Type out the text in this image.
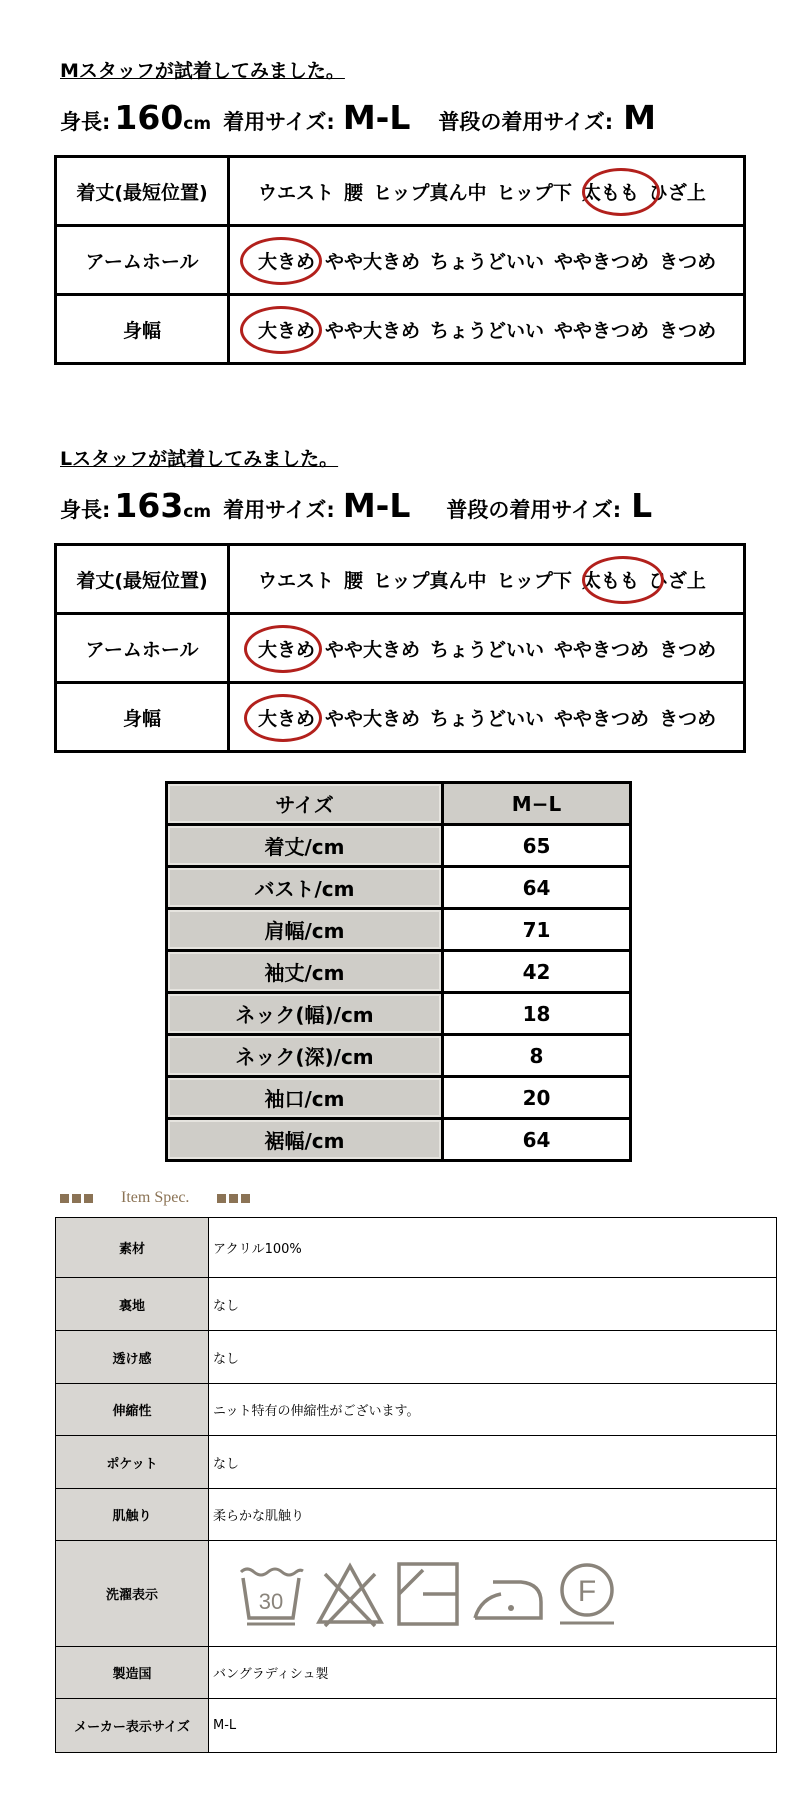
Mスタッフが試着してみました。
身長: 160 cm 着用サイズ: M-L 普段の着用サイズ: M
着丈(最短位置)	ウエスト 腰 ヒップ真ん中 ヒップ下 太もも ひざ上

アームホール	大きめ やや大きめ ちょうどいい ややきつめ きつめ

身幅	大きめ やや大きめ ちょうどいい ややきつめ きつめ
Lスタッフが試着してみました。
身長: 163 cm 着用サイズ: M-L 普段の着用サイズ: L
着丈(最短位置)	ウエスト 腰 ヒップ真ん中 ヒップ下 太もも ひざ上

アームホール	大きめ やや大きめ ちょうどいい ややきつめ きつめ

身幅	大きめ やや大きめ ちょうどいい ややきつめ きつめ
サイズ	M−L
着丈/cm	65
バスト/cm	64
肩幅/cm	71
袖丈/cm	42
ネック(幅)/cm	18
ネック(深)/cm	8
袖口/cm	20
裾幅/cm	64
Item Spec.
素材	アクリル100%
裏地	なし
透け感	なし
伸縮性	ニット特有の伸縮性がございます。
ポケット	なし
肌触り	柔らかな肌触り
洗濯表示	30
F

製造国	バングラディシュ製
メーカー表示サイズ	M-L
